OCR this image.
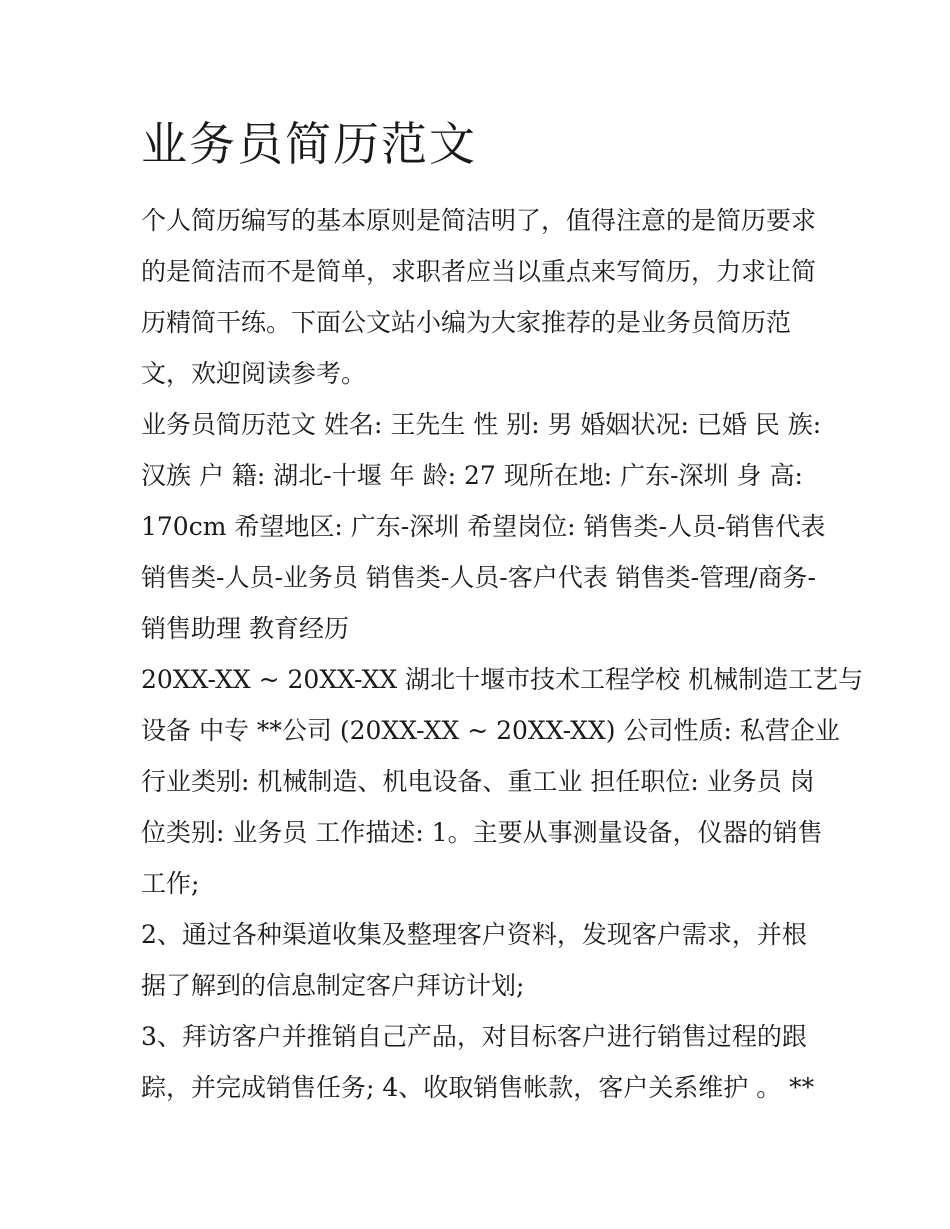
业务员简历范文

个人简历编写的基本原则是简洁明了，值得注意的是简历要求

的是简洁而不是简单，求职者应当以重点来写简历，力求让简

历精简干练。下面公文站小编为大家推荐的是业务员简历范

文，欢迎阅读参考。

业务员简历范文 姓名: 王先生 性 别: 男 婚姻状况: 已婚 民 族:

汉族 户 籍: 湖北-十堰 年 龄: 27 现所在地: 广东-深圳 身 高:

170cm 希望地区: 广东-深圳 希望岗位: 销售类-人员-销售代表

销售类-人员-业务员 销售类-人员-客户代表 销售类-管理/商务-

销售助理 教育经历

20XX-XX ~ 20XX-XX 湖北十堰市技术工程学校 机械制造工艺与

设备 中专 **公司 (20XX-XX ~ 20XX-XX) 公司性质: 私营企业

行业类别: 机械制造、机电设备、重工业 担任职位: 业务员 岗

位类别: 业务员 工作描述: 1。主要从事测量设备，仪器的销售

工作;

2、通过各种渠道收集及整理客户资料，发现客户需求，并根

据了解到的信息制定客户拜访计划;

3、拜访客户并推销自己产品，对目标客户进行销售过程的跟

踪，并完成销售任务; 4、收取销售帐款，客户关系维护 。 **
